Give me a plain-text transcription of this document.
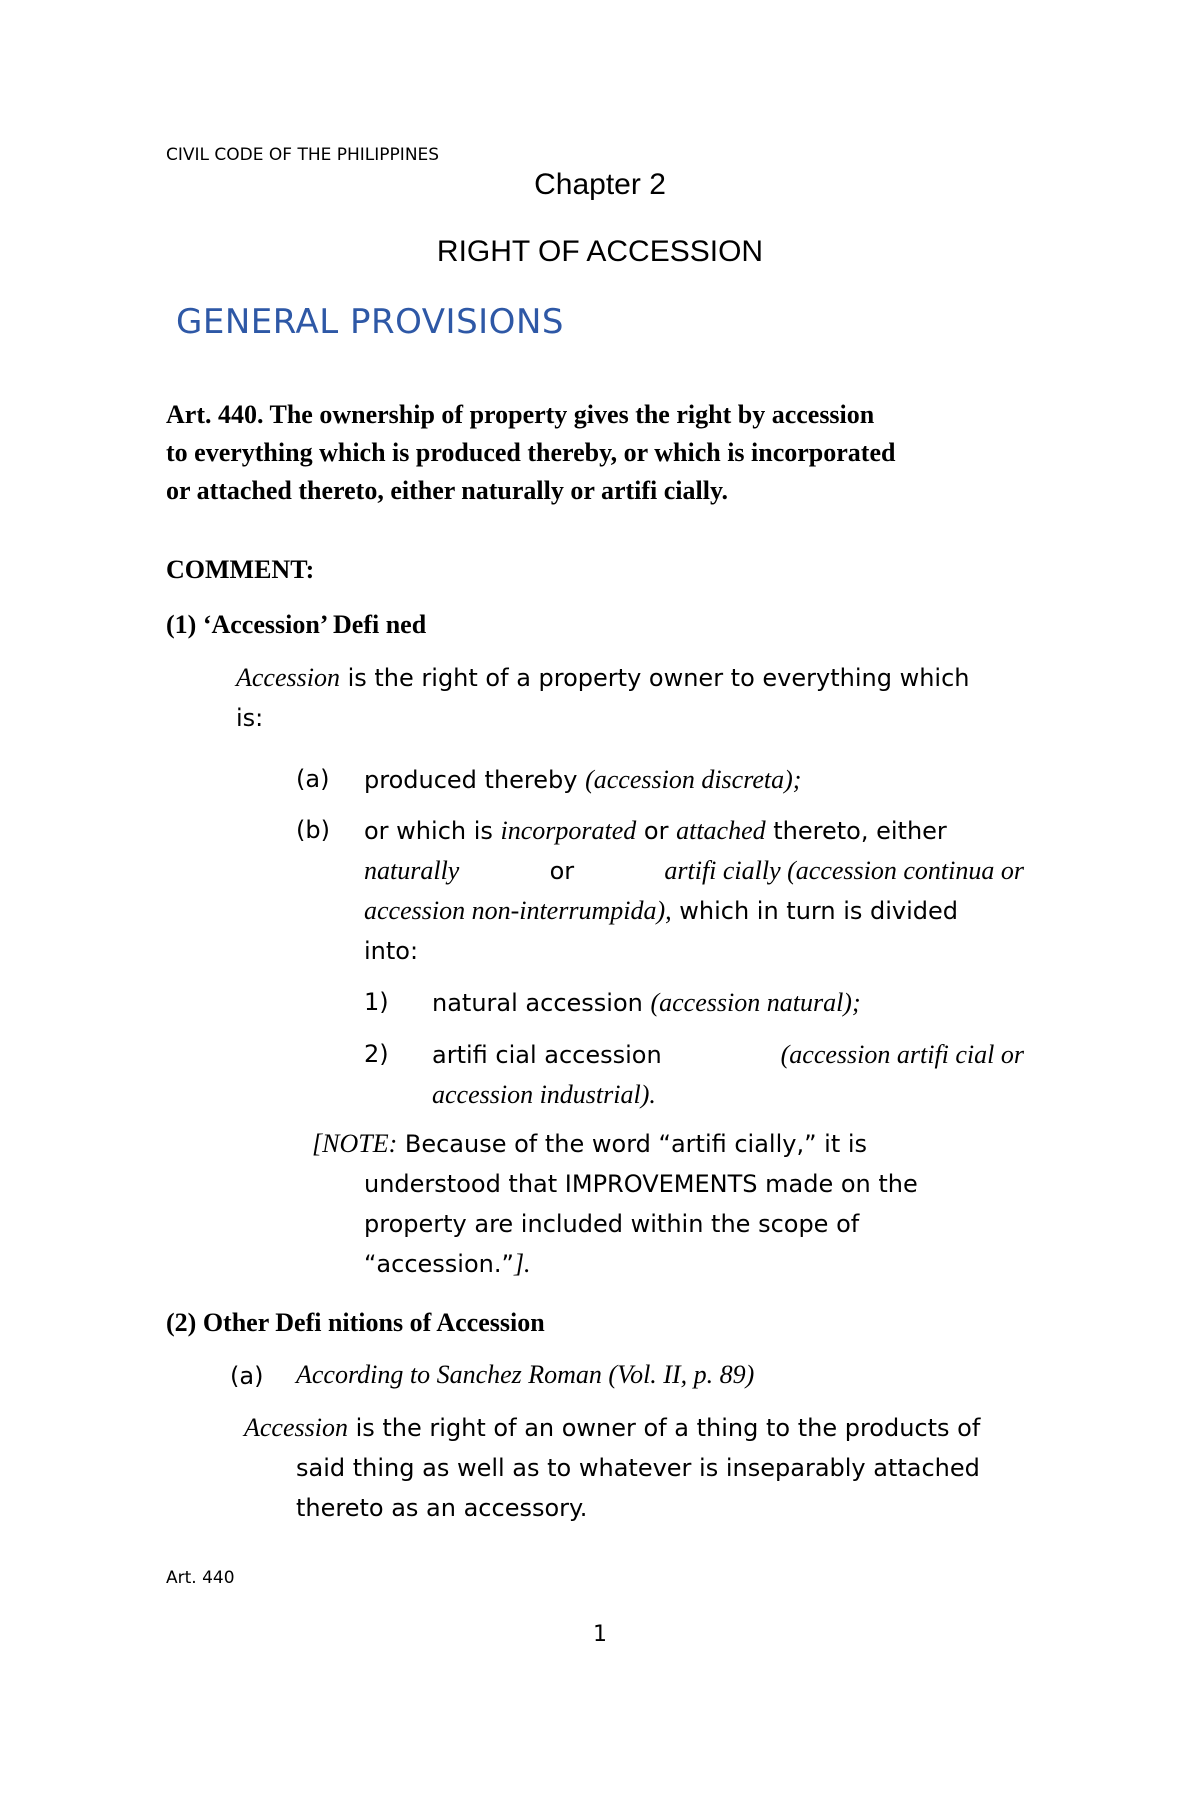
CIVIL CODE OF THE PHILIPPINES
Chapter 2
RIGHT OF ACCESSION
GENERAL PROVISIONS
Art. 440. The ownership of property gives the right by accession
to everything which is produced thereby, or which is incorporated
or attached thereto, either naturally or artifi cially.
COMMENT:
(1) ‘Accession’ Defi ned
Accession is the right of a property owner to everything which
is:
(a) produced thereby (accession discreta);
(b) or which is incorporated or attached thereto, either
naturally	or	artifi cially (accession continua or
accession non-interrumpida), which in turn is divided
into:
1) natural accession (accession natural);
2) artifi cial accession	(accession artifi cial or
accession industrial).
[NOTE: Because of the word “artifi cially,” it is
understood that IMPROVEMENTS made on the
property are included within the scope of
“accession.”].
(2) Other Defi nitions of Accession
(a) According to Sanchez Roman (Vol. II, p. 89)
Accession is the right of an owner of a thing to the products of
said thing as well as to whatever is inseparably attached
thereto as an accessory.
Art. 440
1
